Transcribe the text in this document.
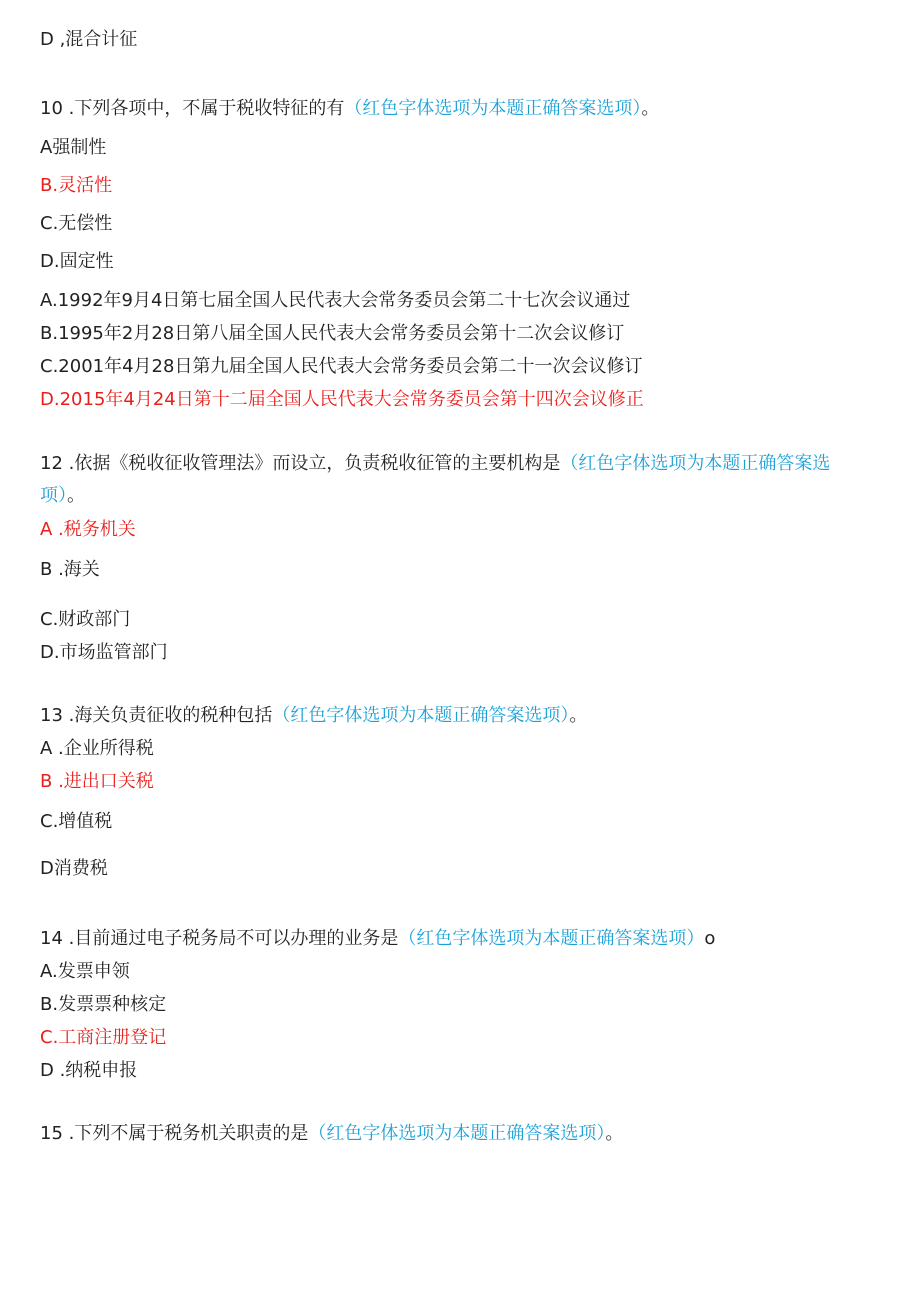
D ,混合计征
10 .下列各项中，不属于税收特征的有（红色字体选项为本题正确答案选项）。
A强制性
B.灵活性
C.无偿性
D.固定性
A.1992年9月4日第七届全国人民代表大会常务委员会第二十七次会议通过
B.1995年2月28日第八届全国人民代表大会常务委员会第十二次会议修订
C.2001年4月28日第九届全国人民代表大会常务委员会第二十一次会议修订
D.2015年4月24日第十二届全国人民代表大会常务委员会第十四次会议修正
12 .依据《税收征收管理法》而设立，负责税收征管的主要机构是（红色字体选项为本题正确答案选
项）。
A .税务机关
B .海关
C.财政部门
D.市场监管部门
13 .海关负责征收的税种包括（红色字体选项为本题正确答案选项）。
A .企业所得税
B .进出口关税
C.增值税
D消费税
14 .目前通过电子税务局不可以办理的业务是（红色字体选项为本题正确答案选项）o
A.发票申领
B.发票票种核定
C.工商注册登记
D .纳税申报
15 .下列不属于税务机关职责的是（红色字体选项为本题正确答案选项）。
